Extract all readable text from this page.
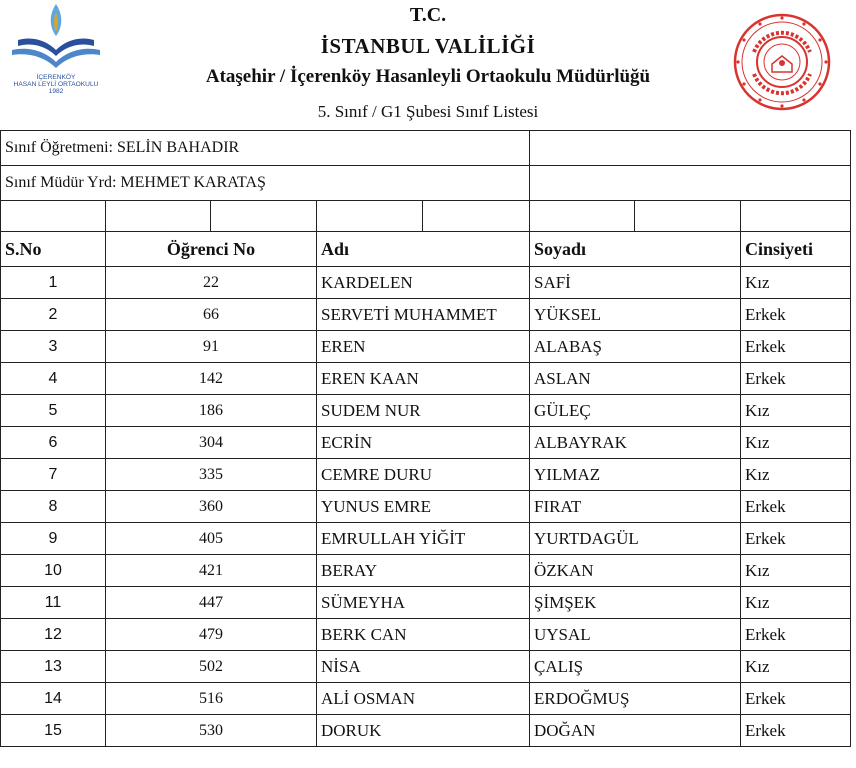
İÇERENKÖY
HASAN LEYLİ ORTAOKULU
1982
T.C.
İSTANBUL VALİLİĞİ
Ataşehir / İçerenköy Hasanleyli Ortaokulu Müdürlüğü
5. Sınıf / G1 Şubesi Sınıf Listesi
Sınıf Öğretmeni: SELİN BAHADIR							
Sınıf Müdür Yrd: MEHMET KARATAŞ							

S.No	Öğrenci No		Adı		Soyadı		Cinsiyeti
1	22		KARDELEN		SAFİ		Kız
2	66		SERVETİ MUHAMMET		YÜKSEL		Erkek
3	91		EREN		ALABAŞ		Erkek
4	142		EREN KAAN		ASLAN		Erkek
5	186		SUDEM NUR		GÜLEÇ		Kız
6	304		ECRİN		ALBAYRAK		Kız
7	335		CEMRE DURU		YILMAZ		Kız
8	360		YUNUS EMRE		FIRAT		Erkek
9	405		EMRULLAH YİĞİT		YURTDAGÜL		Erkek
10	421		BERAY		ÖZKAN		Kız
11	447		SÜMEYHA		ŞİMŞEK		Kız
12	479		BERK CAN		UYSAL		Erkek
13	502		NİSA		ÇALIŞ		Kız
14	516		ALİ OSMAN		ERDOĞMUŞ		Erkek
15	530		DORUK		DOĞAN		Erkek
